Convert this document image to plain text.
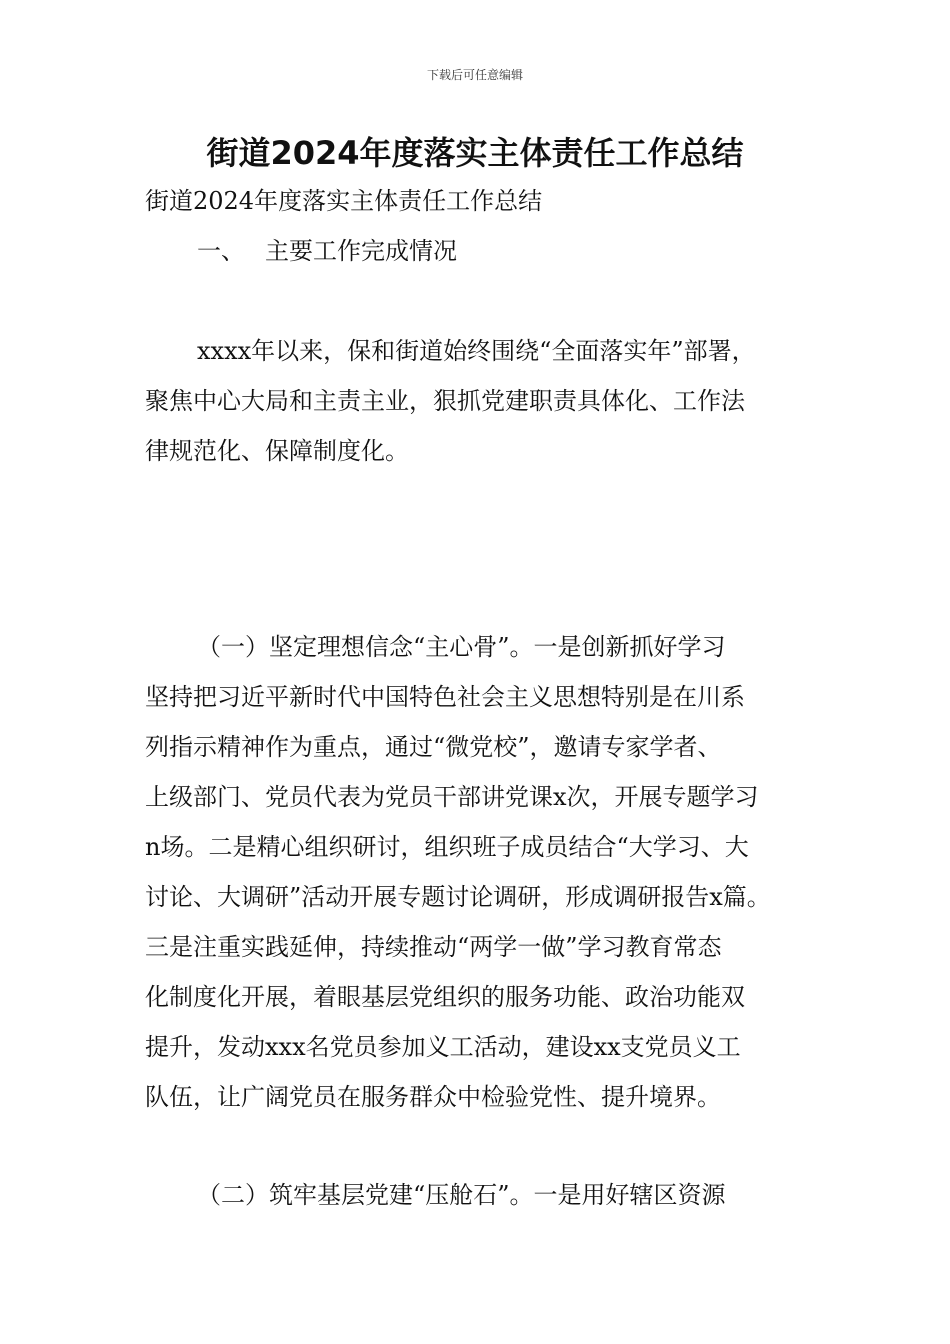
下载后可任意编辑
街道2024年度落实主体责任工作总结

街道2024年度落实主体责任工作总结

一、 主要工作完成情况

xxxx年以来，保和街道始终围绕“全面落实年”部署，
聚焦中心大局和主责主业，狠抓党建职责具体化、工作法
律规范化、保障制度化。

（一）坚定理想信念“主心骨”。一是创新抓好学习
坚持把习近平新时代中国特色社会主义思想特别是在川系
列指示精神作为重点，通过“微党校”，邀请专家学者、
上级部门、党员代表为党员干部讲党课x次，开展专题学习
n场。二是精心组织研讨，组织班子成员结合“大学习、大
讨论、大调研”活动开展专题讨论调研，形成调研报告x篇。
三是注重实践延伸，持续推动“两学一做”学习教育常态
化制度化开展，着眼基层党组织的服务功能、政治功能双
提升，发动xxx名党员参加义工活动，建设xx支党员义工
队伍，让广阔党员在服务群众中检验党性、提升境界。

（二）筑牢基层党建“压舱石”。一是用好辖区资源
